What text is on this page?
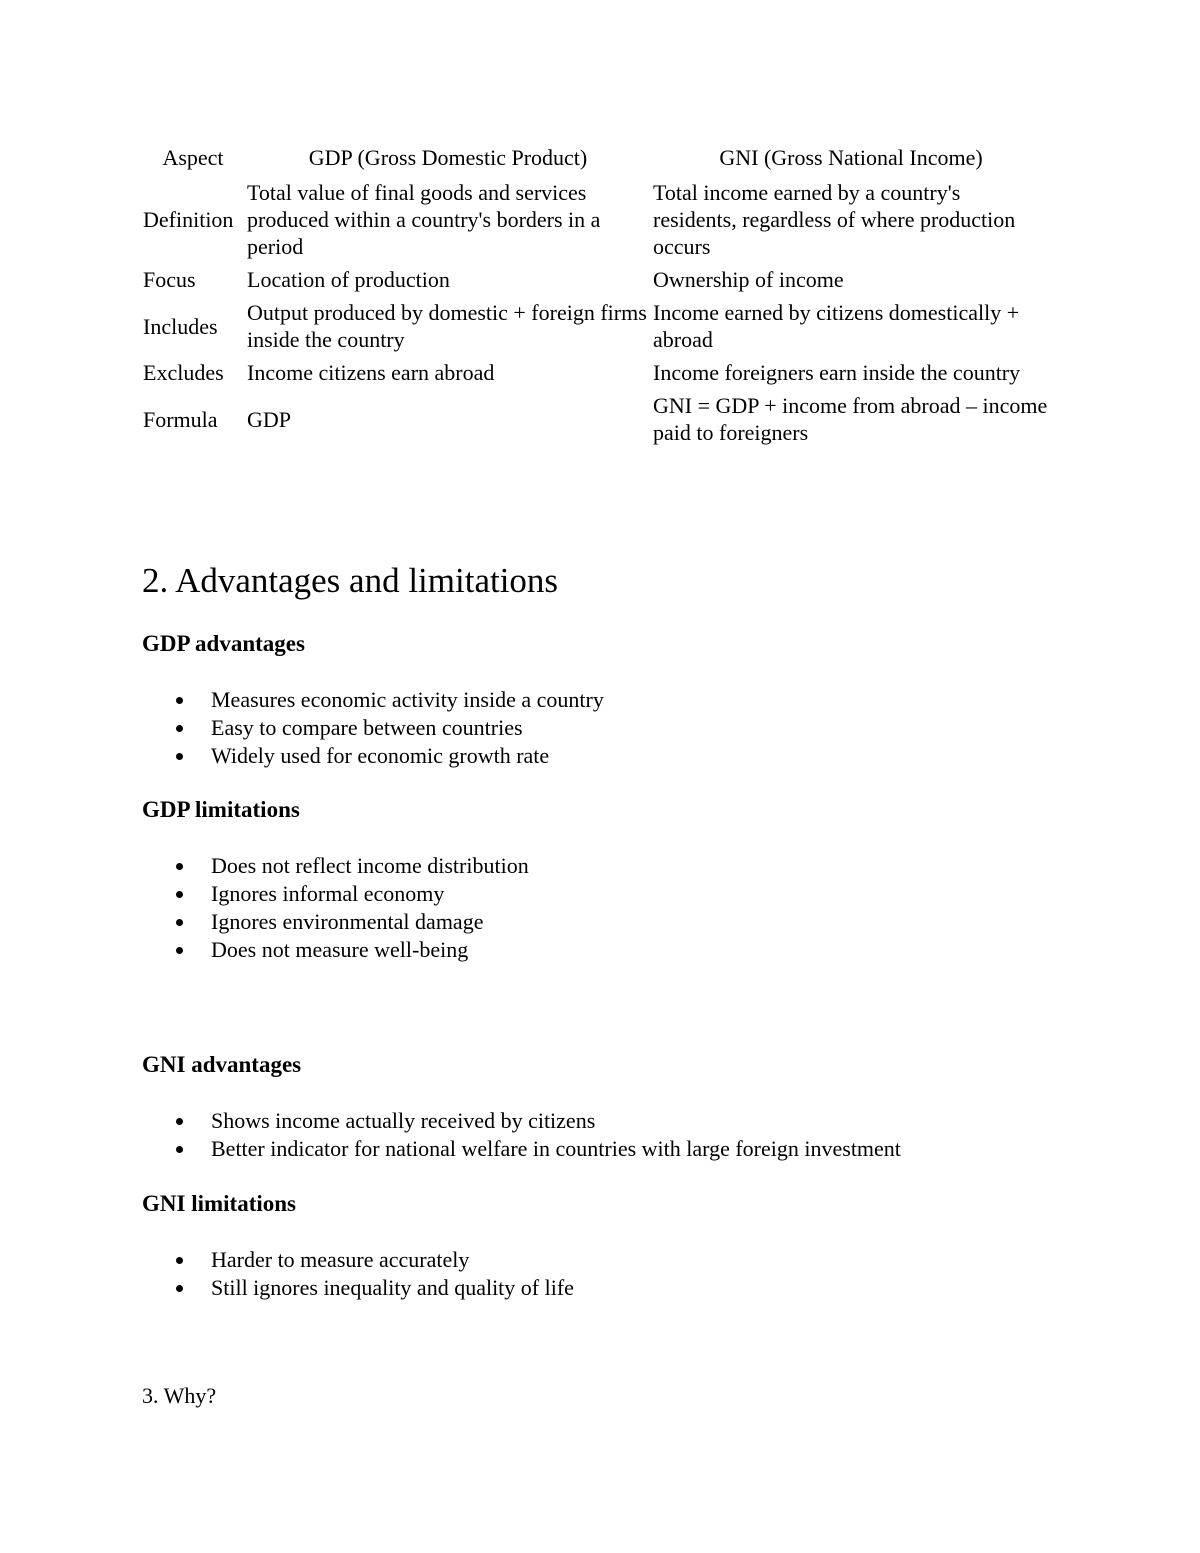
Aspect	GDP (Gross Domestic Product)	GNI (Gross National Income)
Definition	Total value of final goods and services produced within a country's borders in a period	Total income earned by a country's residents, regardless of where production occurs
Focus	Location of production	Ownership of income
Includes	Output produced by domestic + foreign firms inside the country	Income earned by citizens domestically + abroad
Excludes	Income citizens earn abroad	Income foreigners earn inside the country
Formula	GDP	GNI = GDP + income from abroad – income paid to foreigners
2. Advantages and limitations
GDP advantages
Measures economic activity inside a country
Easy to compare between countries
Widely used for economic growth rate
GDP limitations
Does not reflect income distribution
Ignores informal economy
Ignores environmental damage
Does not measure well-being
GNI advantages
Shows income actually received by citizens
Better indicator for national welfare in countries with large foreign investment
GNI limitations
Harder to measure accurately
Still ignores inequality and quality of life

3. Why?
